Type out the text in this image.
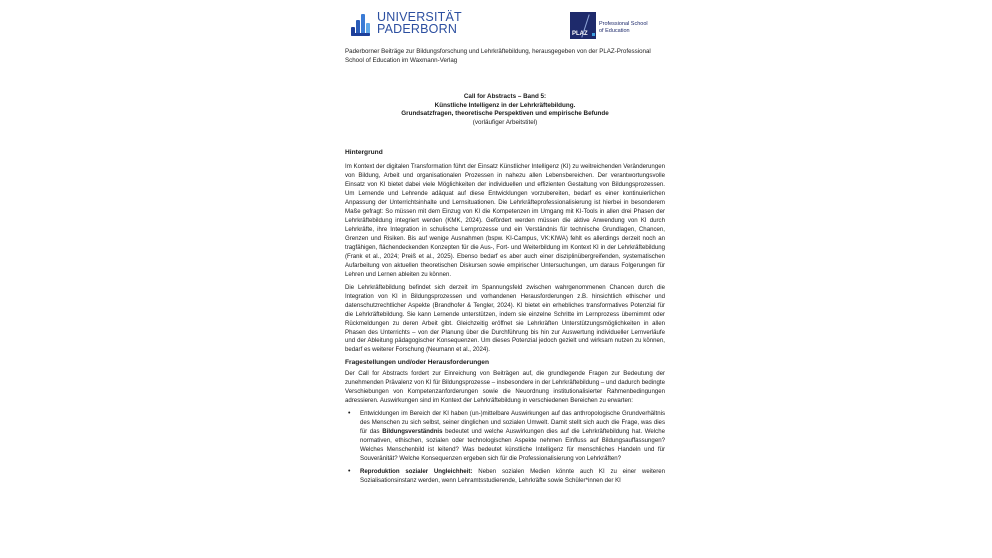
UNIVERSITÄT
PADERBORN	PLAZ
Professional School
of Education
Paderborner Beiträge zur Bildungsforschung und Lehrkräftebildung, herausgegeben von der PLAZ-Professional School of Education im Waxmann-Verlag
Call for Abstracts – Band 5:
Künstliche Intelligenz in der Lehrkräftebildung.
Grundsatzfragen, theoretische Perspektiven und empirische Befunde
(vorläufiger Arbeitstitel)
Hintergrund

Im Kontext der digitalen Transformation führt der Einsatz Künstlicher Intelligenz (KI) zu weitreichenden Veränderungen von Bildung, Arbeit und organisationalen Prozessen in nahezu allen Lebensbereichen. Der verantwortungsvolle Einsatz von KI bietet dabei viele Möglichkeiten der individuellen und effizienten Gestaltung von Bildungsprozessen. Um Lernende und Lehrende adäquat auf diese Entwicklungen vorzubereiten, bedarf es einer kontinuierlichen Anpassung der Unterrichtsinhalte und Lernsituationen. Die Lehrkräfteprofessionalisierung ist hierbei in besonderem Maße gefragt: So müssen mit dem Einzug von KI die Kompetenzen im Umgang mit KI-Tools in allen drei Phasen der Lehrkräftebildung integriert werden (KMK, 2024). Gefördert werden müssen die aktive Anwendung von KI durch Lehrkräfte, ihre Integration in schulische Lernprozesse und ein Verständnis für technische Grundlagen, Chancen, Grenzen und Risiken. Bis auf wenige Ausnahmen (bspw. KI-Campus, VK:KIWA) fehlt es allerdings derzeit noch an tragfähigen, flächendeckenden Konzepten für die Aus-, Fort- und Weiterbildung im Kontext KI in der Lehrkräftebildung (Frank et al., 2024; Preiß et al., 2025). Ebenso bedarf es aber auch einer disziplinübergreifenden, systematischen Aufarbeitung von aktuellen theoretischen Diskursen sowie empirischer Untersuchungen, um daraus Folgerungen für Lehren und Lernen ableiten zu können.

Die Lehrkräftebildung befindet sich derzeit im Spannungsfeld zwischen wahrgenommenen Chancen durch die Integration von KI in Bildungsprozessen und vorhandenen Herausforderungen z.B. hinsichtlich ethischer und datenschutzrechtlicher Aspekte (Brandhofer & Tengler, 2024). KI bietet ein erhebliches transformatives Potenzial für die Lehrkräftebildung. Sie kann Lernende unterstützen, indem sie einzelne Schritte im Lernprozess übernimmt oder Rückmeldungen zu deren Arbeit gibt. Gleichzeitig eröffnet sie Lehrkräften Unterstützungsmöglichkeiten in allen Phasen des Unterrichts – von der Planung über die Durchführung bis hin zur Auswertung individueller Lernverläufe und der Ableitung pädagogischer Konsequenzen. Um dieses Potenzial jedoch gezielt und wirksam nutzen zu können, bedarf es weiterer Forschung (Neumann et al., 2024).

Fragestellungen und/oder Herausforderungen

Der Call for Abstracts fordert zur Einreichung von Beiträgen auf, die grundlegende Fragen zur Bedeutung der zunehmenden Prävalenz von KI für Bildungsprozesse – insbesondere in der Lehrkräftebildung – und dadurch bedingte Verschiebungen von Kompetenzanforderungen sowie die Neuordnung institutionalisierter Rahmenbedingungen adressieren. Auswirkungen sind im Kontext der Lehrkräftebildung in verschiedenen Bereichen zu erwarten:

• Entwicklungen im Bereich der KI haben (un-)mittelbare Auswirkungen auf das anthropologische Grundverhältnis des Menschen zu sich selbst, seiner dinglichen und sozialen Umwelt. Damit stellt sich auch die Frage, was dies für das Bildungsverständnis bedeutet und welche Auswirkungen dies auf die Lehrkräftebildung hat. Welche normativen, ethischen, sozialen oder technologischen Aspekte nehmen Einfluss auf Bildungsauffassungen? Welches Menschenbild ist leitend? Was bedeutet künstliche Intelligenz für menschliches Handeln und für Souveränität? Welche Konsequenzen ergeben sich für die Professionalisierung von Lehrkräften?
• Reproduktion sozialer Ungleichheit: Neben sozialen Medien könnte auch KI zu einer weiteren Sozialisationsinstanz werden, wenn Lehramtsstudierende, Lehrkräfte sowie Schüler*innen der KI
